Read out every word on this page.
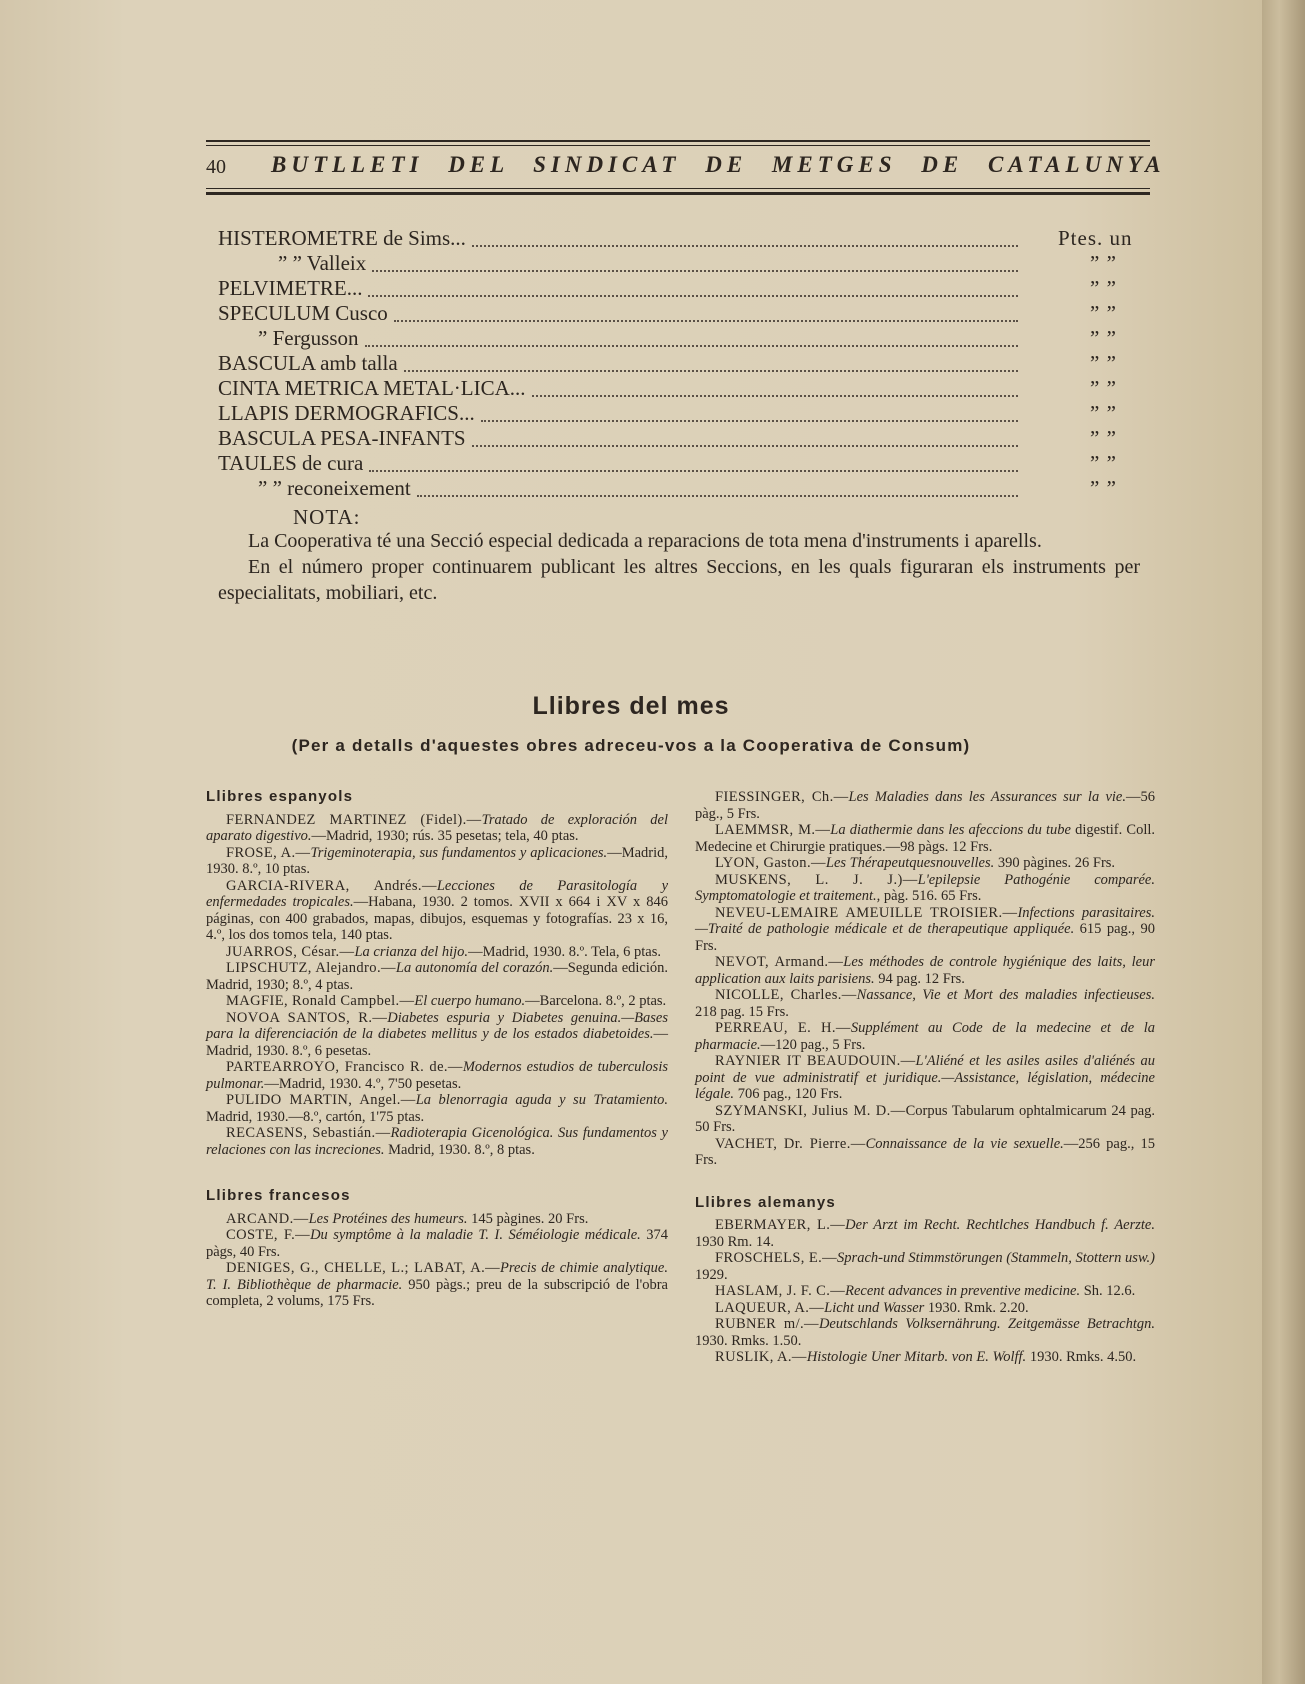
40 BUTLLETI DEL SINDICAT DE METGES DE CATALUNYA
HISTEROMETRE de Sims...	Ptes. un
” ” Valleix	” ”
PELVIMETRE...	” ”
SPECULUM Cusco	” ”
” Fergusson	” ”
BASCULA amb talla	” ”
CINTA METRICA METAL·LICA...	” ”
LLAPIS DERMOGRAFICS...	” ”
BASCULA PESA-INFANTS	” ”
TAULES de cura	” ”
” ” reconeixement	” ”
NOTA:

La Cooperativa té una Secció especial dedicada a reparacions de tota mena d'instruments i aparells.

En el número proper continuarem publicant les altres Seccions, en les quals figuraran els instruments per especialitats, mobiliari, etc.

Llibres del mes
(Per a detalls d'aquestes obres adreceu-vos a la Cooperativa de Consum)
Llibres espanyols

FERNANDEZ MARTINEZ (Fidel).—Tratado de exploración del aparato digestivo.—Madrid, 1930; rús. 35 pesetas; tela, 40 ptas.

FROSE, A.—Trigeminoterapia, sus fundamentos y aplicaciones.—Madrid, 1930. 8.º, 10 ptas.

GARCIA-RIVERA, Andrés.—Lecciones de Parasitología y enfermedades tropicales.—Habana, 1930. 2 tomos. XVII x 664 i XV x 846 páginas, con 400 grabados, mapas, dibujos, esquemas y fotografías. 23 x 16, 4.º, los dos tomos tela, 140 ptas.

JUARROS, César.—La crianza del hijo.—Madrid, 1930. 8.º. Tela, 6 ptas.

LIPSCHUTZ, Alejandro.—La autonomía del corazón.—Segunda edición. Madrid, 1930; 8.º, 4 ptas.

MAGFIE, Ronald Campbel.—El cuerpo humano.—Barcelona. 8.º, 2 ptas.

NOVOA SANTOS, R.—Diabetes espuria y Diabetes genuina.—Bases para la diferenciación de la diabetes mellitus y de los estados diabetoides.—Madrid, 1930. 8.º, 6 pesetas.

PARTEARROYO, Francisco R. de.—Modernos estudios de tuberculosis pulmonar.—Madrid, 1930. 4.º, 7'50 pesetas.

PULIDO MARTIN, Angel.—La blenorragia aguda y su Tratamiento. Madrid, 1930.—8.º, cartón, 1'75 ptas.

RECASENS, Sebastián.—Radioterapia Gicenológica. Sus fundamentos y relaciones con las increciones. Madrid, 1930. 8.º, 8 ptas.

Llibres francesos

ARCAND.—Les Protéines des humeurs. 145 pàgines. 20 Frs.

COSTE, F.—Du symptôme à la maladie T. I. Séméiologie médicale. 374 pàgs, 40 Frs.

DENIGES, G., CHELLE, L.; LABAT, A.—Precis de chimie analytique. T. I. Bibliothèque de pharmacie. 950 pàgs.; preu de la subscripció de l'obra completa, 2 volums, 175 Frs.

FIESSINGER, Ch.—Les Maladies dans les Assurances sur la vie.—56 pàg., 5 Frs.

LAEMMSR, M.—La diathermie dans les afeccions du tube digestif. Coll. Medecine et Chirurgie pratiques.—98 pàgs. 12 Frs.

LYON, Gaston.—Les Thérapeutquesnouvelles. 390 pàgines. 26 Frs.

MUSKENS, L. J. J.)—L'epilepsie Pathogénie comparée. Symptomatologie et traitement., pàg. 516. 65 Frs.

NEVEU-LEMAIRE AMEUILLE TROISIER.—Infections parasitaires.—Traité de pathologie médicale et de therapeutique appliquée. 615 pag., 90 Frs.

NEVOT, Armand.—Les méthodes de controle hygiénique des laits, leur application aux laits parisiens. 94 pag. 12 Frs.

NICOLLE, Charles.—Nassance, Vie et Mort des maladies infectieuses. 218 pag. 15 Frs.

PERREAU, E. H.—Supplément au Code de la medecine et de la pharmacie.—120 pag., 5 Frs.

RAYNIER IT BEAUDOUIN.—L'Aliéné et les asiles asiles d'aliénés au point de vue administratif et juridique.—Assistance, législation, médecine légale. 706 pag., 120 Frs.

SZYMANSKI, Julius M. D.—Corpus Tabularum ophtalmicarum 24 pag. 50 Frs.

VACHET, Dr. Pierre.—Connaissance de la vie sexuelle.—256 pag., 15 Frs.

Llibres alemanys

EBERMAYER, L.—Der Arzt im Recht. Rechtlches Handbuch f. Aerzte. 1930 Rm. 14.

FROSCHELS, E.—Sprach-und Stimmstörungen (Stammeln, Stottern usw.) 1929.

HASLAM, J. F. C.—Recent advances in preventive medicine. Sh. 12.6.

LAQUEUR, A.—Licht und Wasser 1930. Rmk. 2.20.

RUBNER m/.—Deutschlands Volksernährung. Zeitgemässe Betrachtgn. 1930. Rmks. 1.50.

RUSLIK, A.—Histologie Uner Mitarb. von E. Wolff. 1930. Rmks. 4.50.
